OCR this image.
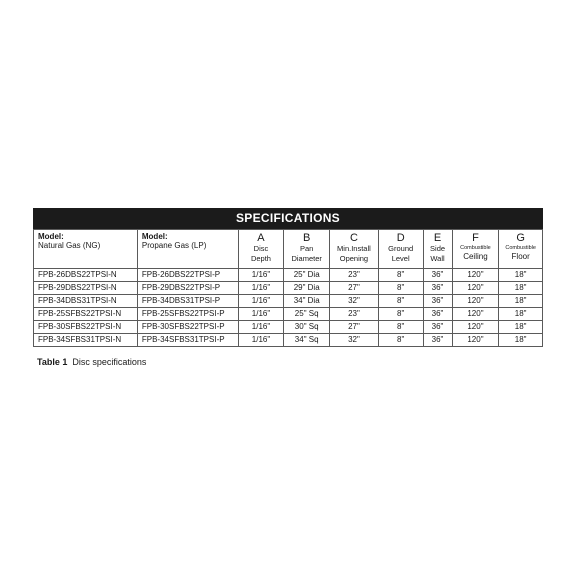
SPECIFICATIONS
Model:
Natural Gas (NG)	Model:
Propane Gas (LP)	A
Disc
Depth	B
Pan
Diameter	C
Min.Install
Opening	D
Ground
Level	E
Side
Wall	F
Combustible
Ceiling	G
Combustible
Floor

FPB-26DBS22TPSI-N	FPB-26DBS22TPSI-P	1/16"	25" Dia	23"	8"	36"	120"	18"
FPB-29DBS22TPSI-N	FPB-29DBS22TPSI-P	1/16"	29" Dia	27"	8"	36"	120"	18"
FPB-34DBS31TPSI-N	FPB-34DBS31TPSI-P	1/16"	34" Dia	32"	8"	36"	120"	18"
FPB-25SFBS22TPSI-N	FPB-25SFBS22TPSI-P	1/16"	25" Sq	23"	8"	36"	120"	18"
FPB-30SFBS22TPSI-N	FPB-30SFBS22TPSI-P	1/16"	30" Sq	27"	8"	36"	120"	18"
FPB-34SFBS31TPSI-N	FPB-34SFBS31TPSI-P	1/16"	34" Sq	32"	8"	36"	120"	18"
Table 1 Disc specifications
